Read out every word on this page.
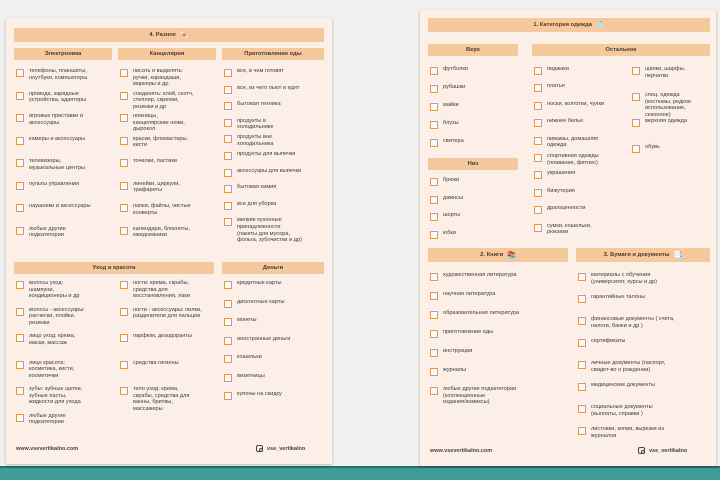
4. Разное 🍬
Электроника	Канцелярия	Приготовление еды
телефоны, планшеты,
ноутбуки, компьютеры
провода, зарядные
устройства, адаптеры
игровые приставки и
аксессуары
камеры и аксессуары
телевизоры,
музыкальные центры
пульты управления
наушники и аксессуары
любые другие
подкатегории
писать и выделять:
ручки, карандаши,
маркеры и др
соединять: клей, скотч,
степлер, скрепки,
резинки и др
ножницы,
канцелярские ножи,
дырокол
краски, фломастеры,
кисти
точилки, ластики
линейки, циркули,
трафареты
папки, файлы, чистые
конверты
календари, блокноты,
ежедневники
все, в чем готовят
все, из чего пьют и едят
бытовая техника
продукты в
холодильнике
продукты вне
холодильника
продукты для выпечки
аксессуары для выпечки
бытовая химия
все для уборки
мелкие кухонные
принадлежности
(пакеты для мусора,
фольга, зубочистки и др)
Уход и красота	Деньги
волосы уход:
шампуни,
кондиционеры и др
волосы - аксессуары:
расчески, плойки,
резинки
лицо уход: крема,
маски, массаж
лицо красота:
косметика, кисти,
косметички
зубы: зубные щетки,
зубные пасты,
жидкости для ухода
любые другие
подкатегории
ногти: крема, скрабы,
средства для
восстановления, лаки
ногти - аксессуары: пилки,
разделители для пальцев
парфюм, дезодоранты
средства гигиены
тело уход: крема,
скрабы, средства для
ванны, бритвы,
массажеры
кредитные карты
дисконтные карты
монеты
иностранные деньги
кошельки
визитницы
купоны на скидку
www.vsevertikalno.com	vse_vertikalno
1. Категория одежда 👕
Верх	Остальное
Низ
футболки
рубашки
майки
блузы
свитера
брюки
джинсы
шорты
юбки
пиджаки
платья
носки, колготки, чулки
нижнее белье
пижамы, домашняя
одежда
спортивная одежды
(плавание, фитнес)
украшения
бижутерия
драгоценности
сумки, кошельки,
рюкзаки
шапки, шарфы,
перчатки
спец. одежда
(костюмы, редкое
использование,
сезонное)
верхняя одежда
обувь
2. Книги 📚	3. Бумаги и документы 📑
художественная литература
научная литература
образовательная литература
приготовление еды
инструкции
журналы
любые другие подкатегории
(коллекционные
издания/комиксы)
материалы с обучения
(университет, курсы и др)
гарантийные талоны
финансовые документы ( счета,
налоги, банки и др )
сертификаты
личные документы (паспорт,
свидет-во о рождении)
медицинские документы
социальные документы
(выплаты, справки )
листовки, копии, вырезки из
журналов
www.vsevertikalno.com	vse_vertikalno
